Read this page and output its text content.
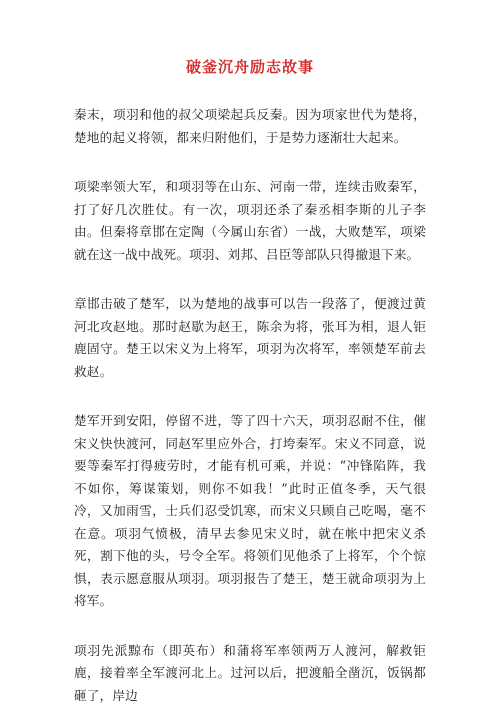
破釜沉舟励志故事

秦末，项羽和他的叔父项梁起兵反秦。因为项家世代为楚将，楚地的起义将领，都来归附他们，于是势力逐渐壮大起来。

项梁率领大军，和项羽等在山东、河南一带，连续击败秦军，打了好几次胜仗。有一次，项羽还杀了秦丞相李斯的儿子李由。但秦将章邯在定陶（今属山东省）一战，大败楚军，项梁就在这一战中战死。项羽、刘邦、吕臣等部队只得撤退下来。

章邯击破了楚军，以为楚地的战事可以告一段落了，便渡过黄河北攻赵地。那时赵歇为赵王，陈余为将，张耳为相，退人钜鹿固守。楚王以宋义为上将军，项羽为次将军，率领楚军前去救赵。

楚军开到安阳，停留不进，等了四十六天，项羽忍耐不住，催宋义快快渡河，同赵军里应外合，打垮秦军。宋义不同意，说要等秦军打得疲劳时，才能有机可乘，并说：“冲锋陷阵，我不如你，筹谋策划，则你不如我！”此时正值冬季，天气很冷，又加雨雪，士兵们忍受饥寒，而宋义只顾自己吃喝，毫不在意。项羽气愤极，清早去参见宋义时，就在帐中把宋义杀死，割下他的头，号令全军。将领们见他杀了上将军，个个惊惧，表示愿意服从项羽。项羽报告了楚王，楚王就命项羽为上将军。

项羽先派黥布（即英布）和蒲将军率领两万人渡河，解救钜鹿，接着率全军渡河北上。过河以后，把渡船全凿沉，饭锅都砸了，岸边
